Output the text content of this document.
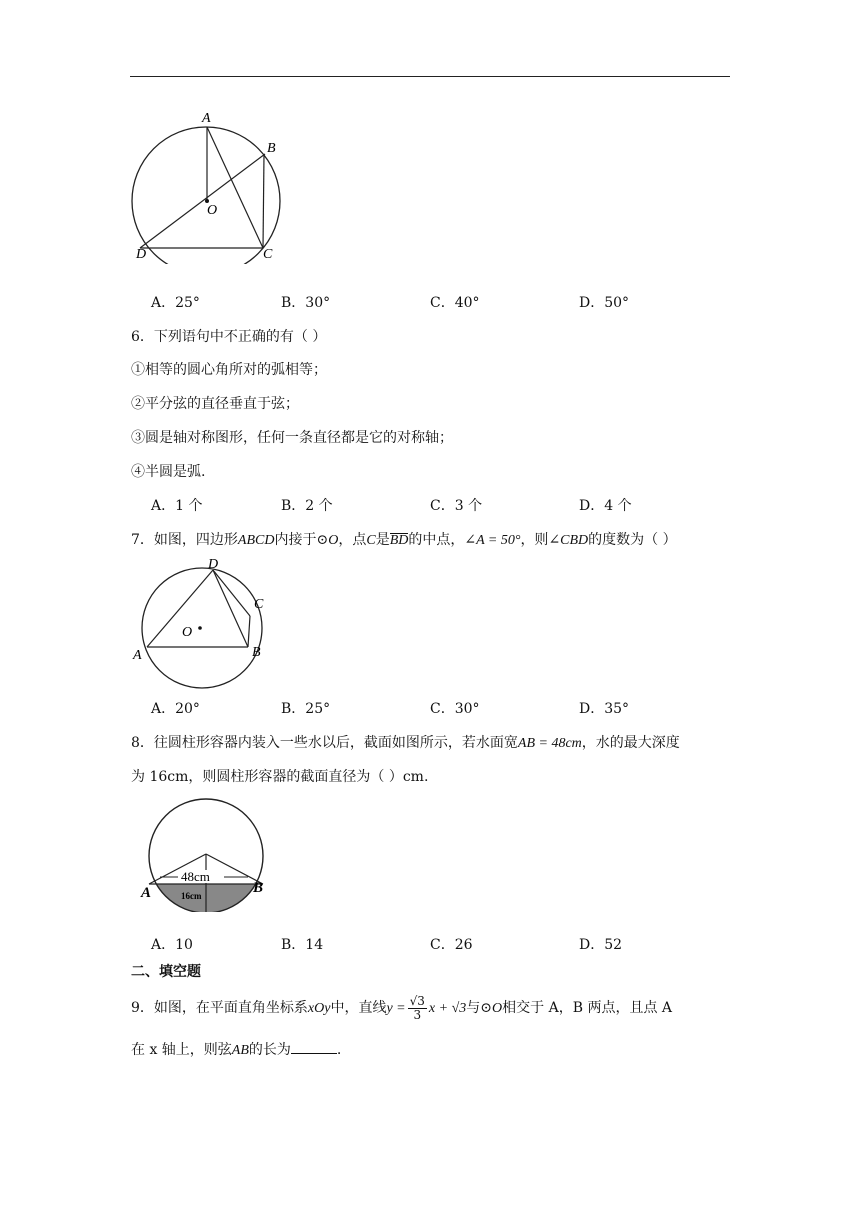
A
B
O
D	C
A．25°	B．30°	C．40°	D．50°
6．下列语句中不正确的有（ ）
①相等的圆心角所对的弧相等；
②平分弦的直径垂直于弦；
③圆是轴对称图形，任何一条直径都是它的对称轴；
④半圆是弧.
A．1 个	B．2 个	C．3 个	D．4 个
7．如图，四边形ABCD内接于⊙O，点C是BD的中点，∠A = 50°，则∠CBD的度数为（ ）
D
C
O
A	B
A．20°	B．25°	C．30°	D．35°
8．往圆柱形容器内装入一些水以后，截面如图所示，若水面宽AB = 48cm，水的最大深度
为 16cm，则圆柱形容器的截面直径为（ ）cm.
48cm
16cm
A	B
A．10	B．14	C．26	D．52
二、填空题
9．如图，在平面直角坐标系xOy中，直线$y = \frac{√3}{3}$ x + √3与⊙O相交于 A，B 两点，且点 A
在 x 轴上，则弦AB的长为	.
